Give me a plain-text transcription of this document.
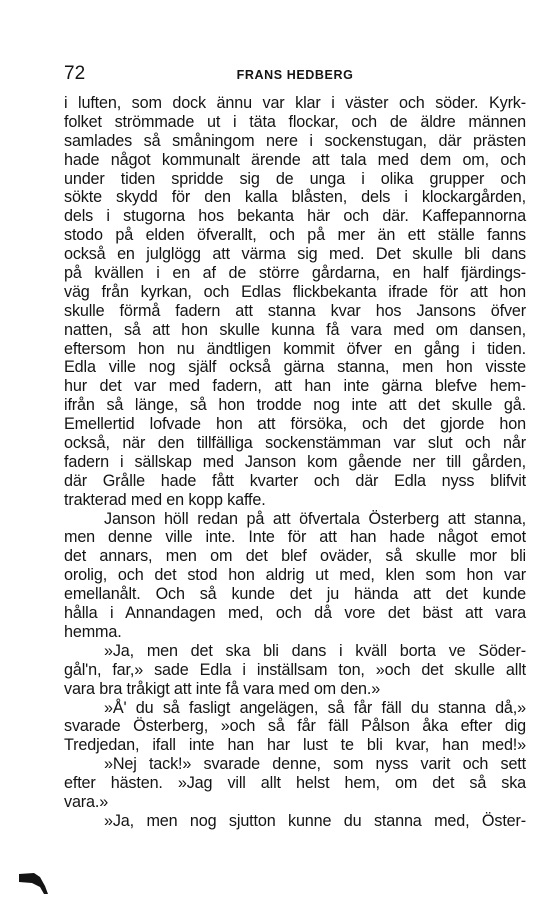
72	FRANS HEDBERG
i luften, som dock ännu var klar i väster och söder. Kyrk-
folket strömmade ut i täta flockar, och de äldre männen
samlades så småningom nere i sockenstugan, där prästen
hade något kommunalt ärende att tala med dem om, och
under tiden spridde sig de unga i olika grupper och
sökte skydd för den kalla blåsten, dels i klockargården,
dels i stugorna hos bekanta här och där. Kaffepannorna
stodo på elden öfverallt, och på mer än ett ställe fanns
också en julglögg att värma sig med. Det skulle bli dans
på kvällen i en af de större gårdarna, en half fjärdings-
väg från kyrkan, och Edlas flickbekanta ifrade för att hon
skulle förmå fadern att stanna kvar hos Jansons öfver
natten, så att hon skulle kunna få vara med om dansen,
eftersom hon nu ändtligen kommit öfver en gång i tiden.
Edla ville nog själf också gärna stanna, men hon visste
hur det var med fadern, att han inte gärna blefve hem-
ifrån så länge, så hon trodde nog inte att det skulle gå.
Emellertid lofvade hon att försöka, och det gjorde hon
också, när den tillfälliga sockenstämman var slut och når
fadern i sällskap med Janson kom gående ner till gården,
där Grålle hade fått kvarter och där Edla nyss blifvit
trakterad med en kopp kaffe.
Janson höll redan på att öfvertala Österberg att stanna,
men denne ville inte. Inte för att han hade något emot
det annars, men om det blef oväder, så skulle mor bli
orolig, och det stod hon aldrig ut med, klen som hon var
emellanålt. Och så kunde det ju hända att det kunde
hålla i Annandagen med, och då vore det bäst att vara
hemma.
»Ja, men det ska bli dans i kväll borta ve Söder-
gål'n, far,» sade Edla i inställsam ton, »och det skulle allt
vara bra tråkigt att inte få vara med om den.»
»Å' du så fasligt angelägen, så får fäll du stanna då,»
svarade Österberg, »och så får fäll Pålson åka efter dig
Tredjedan, ifall inte han har lust te bli kvar, han med!»
»Nej tack!» svarade denne, som nyss varit och sett
efter hästen. »Jag vill allt helst hem, om det så ska
vara.»
»Ja, men nog sjutton kunne du stanna med, Öster-
